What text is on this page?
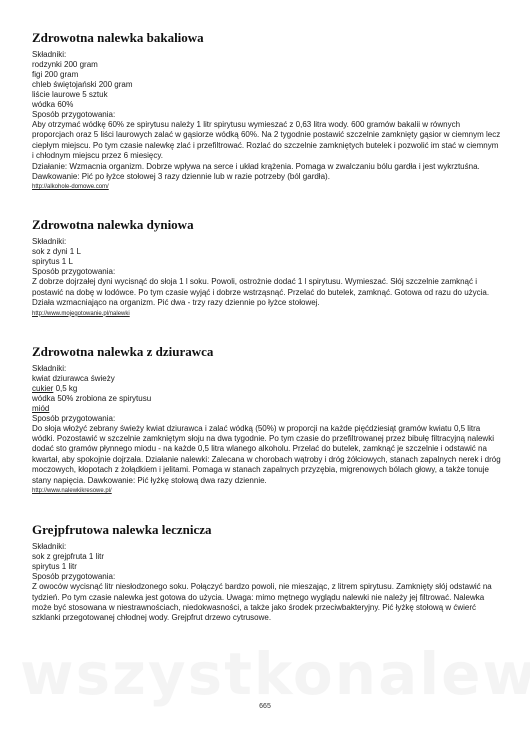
Zdrowotna nalewka bakaliowa

Składniki:

rodzynki 200 gram

figi 200 gram

chleb świętojański 200 gram

liście laurowe 5 sztuk

wódka 60%

Sposób przygotowania:

Aby otrzymać wódkę 60% ze spirytusu należy 1 litr spirytusu wymieszać z 0,63 litra wody. 600 gramów bakalii w równych proporcjach oraz 5 liści laurowych zalać w gąsiorze wódką 60%. Na 2 tygodnie postawić szczelnie zamknięty gąsior w ciemnym lecz ciepłym miejscu. Po tym czasie nalewkę zlać i przefiltrować. Rozlać do szczelnie zamkniętych butelek i pozwolić im stać w ciemnym i chłodnym miejscu przez 6 miesięcy.

Działanie: Wzmacnia organizm. Dobrze wpływa na serce i układ krążenia. Pomaga w zwalczaniu bólu gardła i jest wykrztuśna. Dawkowanie: Pić po łyżce stołowej 3 razy dziennie lub w razie potrzeby (ból gardła).

http://alkohole-domowe.com/
Zdrowotna nalewka dyniowa

Składniki:

sok z dyni 1 L

spirytus 1 L

Sposób przygotowania:

Z dobrze dojrzałej dyni wycisnąć do słoja 1 l soku. Powoli, ostrożnie dodać 1 l spirytusu. Wymieszać. Słój szczelnie zamknąć i postawić na dobę w lodówce. Po tym czasie wyjąć i dobrze wstrząsnąć. Przelać do butelek, zamknąć. Gotowa od razu do użycia. Działa wzmacniająco na organizm. Pić dwa - trzy razy dziennie po łyżce stołowej.

http://www.mojegotowanie.pl/nalewki
Zdrowotna nalewka z dziurawca

Składniki:

kwiat dziurawca świeży

cukier 0,5 kg

wódka 50% zrobiona ze spirytusu

miód

Sposób przygotowania:

Do słoja włożyć zebrany świeży kwiat dziurawca i zalać wódką (50%) w proporcji na każde pięćdziesiąt gramów kwiatu 0,5 litra wódki. Pozostawić w szczelnie zamkniętym słoju na dwa tygodnie. Po tym czasie do przefiltrowanej przez bibułę filtracyjną nalewki dodać sto gramów płynnego miodu - na każde 0,5 litra wlanego alkoholu. Przelać do butelek, zamknąć je szczelnie i odstawić na kwartał, aby spokojnie dojrzała. Działanie nalewki: Zalecana w chorobach wątroby i dróg żółciowych, stanach zapalnych nerek i dróg moczowych, kłopotach z żołądkiem i jelitami. Pomaga w stanach zapalnych przyzębia, migrenowych bólach głowy, a także tonuje stany napięcia. Dawkowanie: Pić łyżkę stołową dwa razy dziennie.

http://www.nalewkikresowe.pl/
Grejpfrutowa nalewka lecznicza

Składniki:

sok z grejpfruta 1 litr

spirytus 1 litr

Sposób przygotowania:

Z owoców wycisnąć litr niesłodzonego soku. Połączyć bardzo powoli, nie mieszając, z litrem spirytusu. Zamknięty słój odstawić na tydzień. Po tym czasie nalewka jest gotowa do użycia. Uwaga: mimo mętnego wyglądu nalewki nie należy jej filtrować. Nalewka może być stosowana w niestrawnościach, niedokwasności, a także jako środek przeciwbakteryjny. Pić łyżkę stołową w ćwierć szklanki przegotowanej chłodnej wody. Grejpfrut drzewo cytrusowe.

665
